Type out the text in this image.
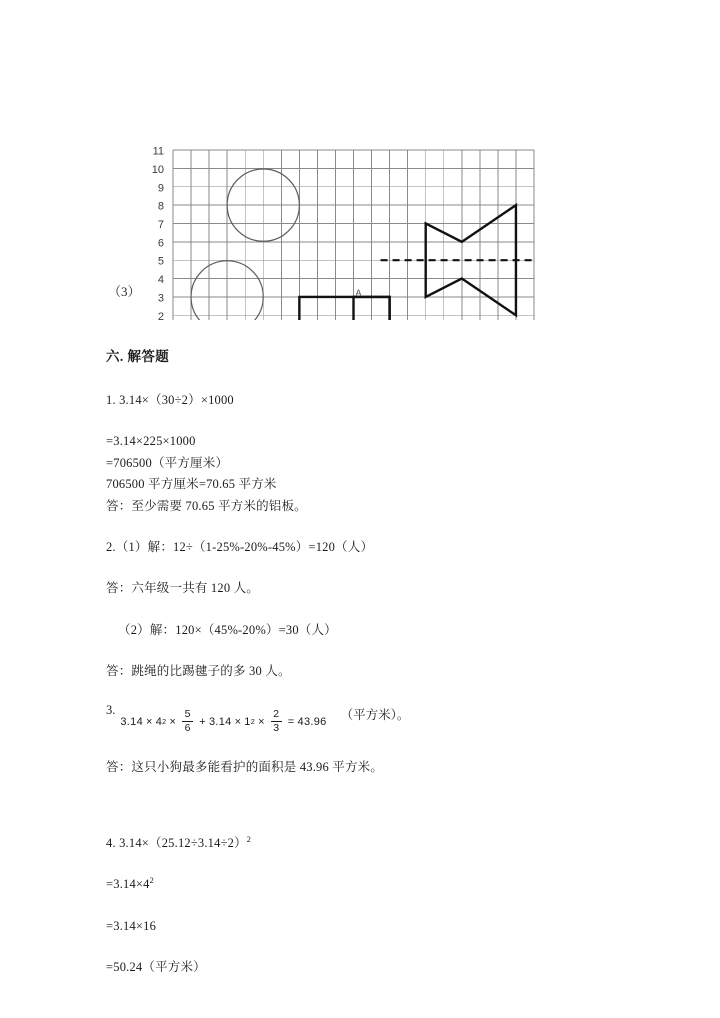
2
3
4
5
6
7
8
9
10
11
A
（3）
六. 解答题

1. 3.14×（30÷2）×1000

=3.14×225×1000

=706500（平方厘米）

706500 平方厘米=70.65 平方米

答：至少需要 70.65 平方米的铝板。

2.（1）解：12÷（1-25%-20%-45%）=120（人）

答：六年级一共有 120 人。

（2）解：120×（45%-20%）=30（人）

答：跳绳的比踢毽子的多 30 人。

3.
3.14 × 4 $2 \times \frac{5}{6} + 3.14 \times 1$ $2 \times \frac{2}{3} = 43.96$ （平方米）。

答：这只小狗最多能看护的面积是 43.96 平方米。

4. $3.14\times(25.12\div 3.14\div 2)^2$

$=3.14\times 4^2$

=3.14×16

=50.24（平方米）
